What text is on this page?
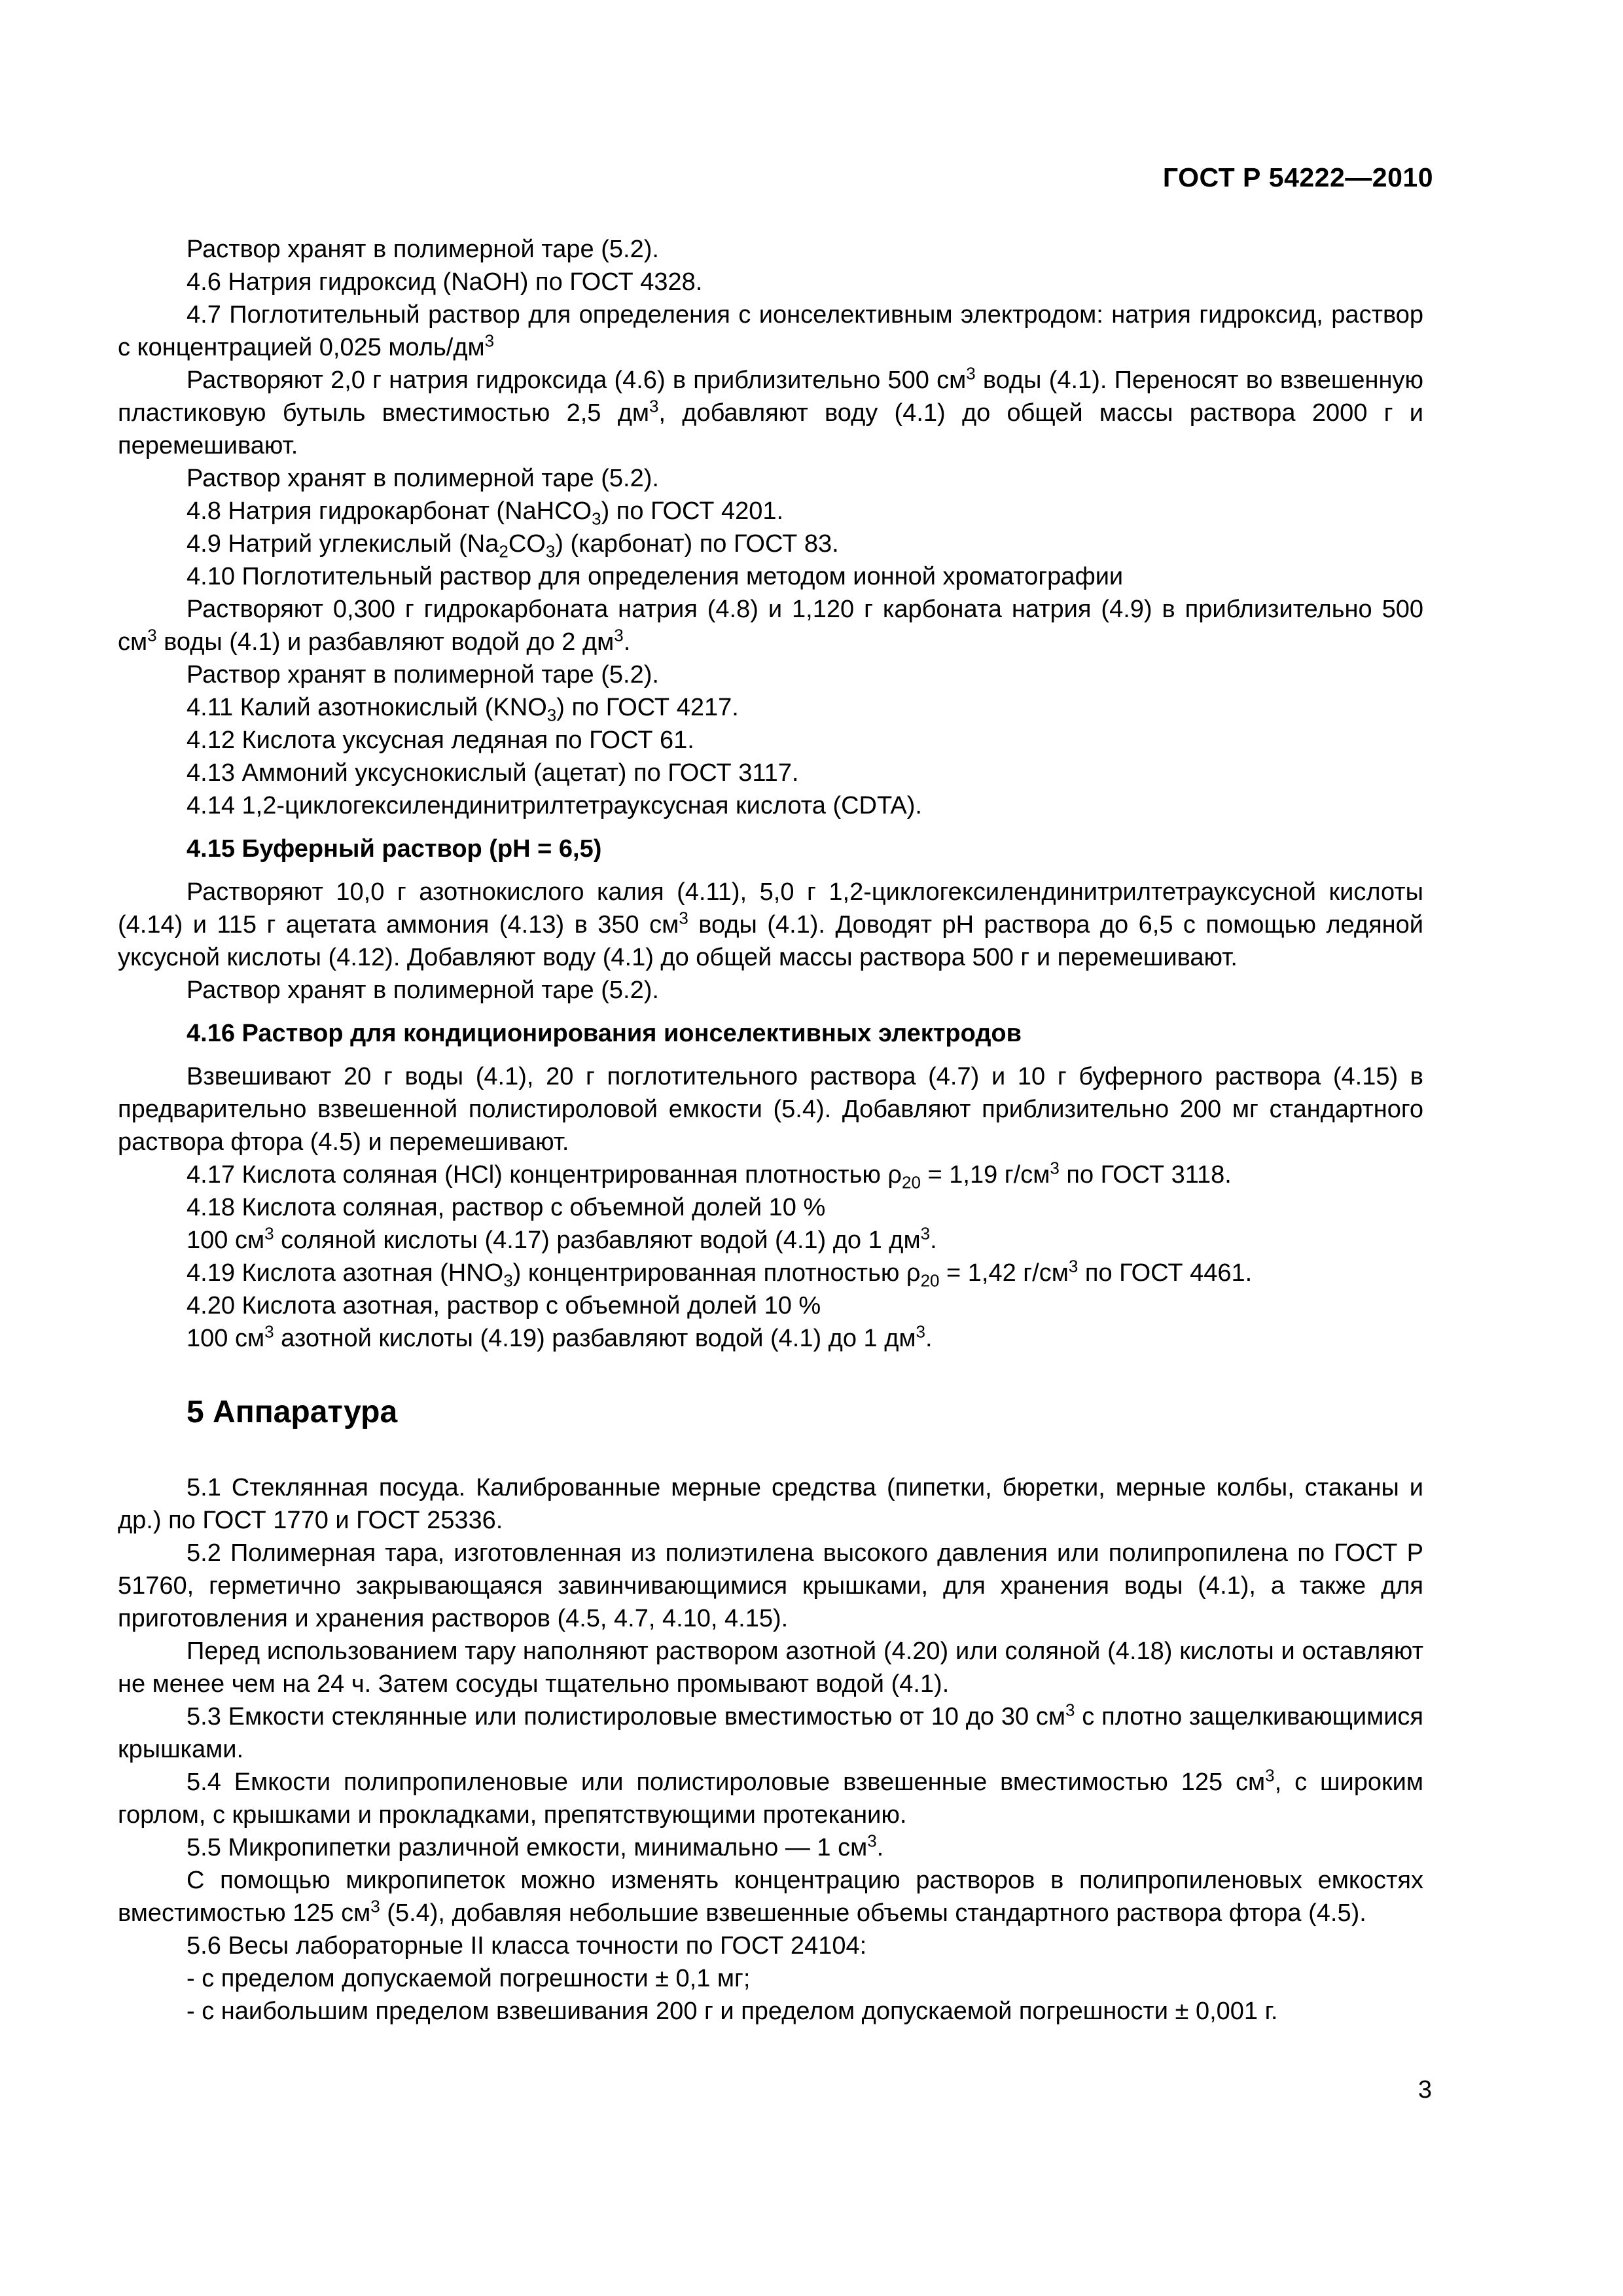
ГОСТ Р 54222—2010

Раствор хранят в полимерной таре (5.2).

4.6 Натрия гидроксид (NaOH) по ГОСТ 4328.

4.7 Поглотительный раствор для определения с ионселективным электродом: натрия гидроксид, раствор с концентрацией 0,025 моль/$дм^3$

Растворяют 2,0 г натрия гидроксида (4.6) в приблизительно 500 $см^3$ воды (4.1). Переносят во взвешенную пластиковую бутыль вместимостью 2,5 $дм^3$, добавляют воду (4.1) до общей массы раствора 2000 г и перемешивают.

Раствор хранят в полимерной таре (5.2).

4.8 Натрия гидрокарбонат (NaHCO$_3$) по ГОСТ 4201.

4.9 Натрий углекислый $(Na_2CO_3)$ (карбонат) по ГОСТ 83.

4.10 Поглотительный раствор для определения методом ионной хроматографии

Растворяют 0,300 г гидрокарбоната натрия (4.8) и 1,120 г карбоната натрия (4.9) в приблизительно 500 $см^3$ воды (4.1) и разбавляют водой до 2 $дм^3$.

Раствор хранят в полимерной таре (5.2).

4.11 Калий азотнокислый $(KNO_3)$ по ГОСТ 4217.

4.12 Кислота уксусная ледяная по ГОСТ 61.

4.13 Аммоний уксуснокислый (ацетат) по ГОСТ 3117.

4.14 1,2-циклогексилендинитрилтетрауксусная кислота (CDTA).

4.15 Буферный раствор (pH = 6,5)

Растворяют 10,0 г азотнокислого калия (4.11), 5,0 г 1,2-циклогексилендинитрилтетрауксусной кислоты (4.14) и 115 г ацетата аммония (4.13) в 350 $см^3$ воды (4.1). Доводят pH раствора до 6,5 с помощью ледяной уксусной кислоты (4.12). Добавляют воду (4.1) до общей массы раствора 500 г и перемешивают.

Раствор хранят в полимерной таре (5.2).

4.16 Раствор для кондиционирования ионселективных электродов

Взвешивают 20 г воды (4.1), 20 г поглотительного раствора (4.7) и 10 г буферного раствора (4.15) в предварительно взвешенной полистироловой емкости (5.4). Добавляют приблизительно 200 мг стандартного раствора фтора (4.5) и перемешивают.

4.17 Кислота соляная (HCl) концентрированная плотностью $\rho_{20} = 1,19$ $г/см^3$ по ГОСТ 3118.

4.18 Кислота соляная, раствор с объемной долей 10 %

100 $см^3$ соляной кислоты (4.17) разбавляют водой (4.1) до 1 $дм^3$.

4.19 Кислота азотная $(HNO_3)$ концентрированная плотностью $\rho_{20} = 1,42$ $г/см^3$ по ГОСТ 4461.

4.20 Кислота азотная, раствор с объемной долей 10 %

100 $см^3$ азотной кислоты (4.19) разбавляют водой (4.1) до 1 $дм^3$.

5 Аппаратура

5.1 Стеклянная посуда. Калиброванные мерные средства (пипетки, бюретки, мерные колбы, стаканы и др.) по ГОСТ 1770 и ГОСТ 25336.

5.2 Полимерная тара, изготовленная из полиэтилена высокого давления или полипропилена по ГОСТ Р 51760, герметично закрывающаяся завинчивающимися крышками, для хранения воды (4.1), а также для приготовления и хранения растворов (4.5, 4.7, 4.10, 4.15).

Перед использованием тару наполняют раствором азотной (4.20) или соляной (4.18) кислоты и оставляют не менее чем на 24 ч. Затем сосуды тщательно промывают водой (4.1).

5.3 Емкости стеклянные или полистироловые вместимостью от 10 до 30 $см^3$ с плотно защелкивающимися крышками.

5.4 Емкости полипропиленовые или полистироловые взвешенные вместимостью 125 $см^3$, с широким горлом, с крышками и прокладками, препятствующими протеканию.

5.5 Микропипетки различной емкости, минимально — 1 $см^3$.

С помощью микропипеток можно изменять концентрацию растворов в полипропиленовых емкостях вместимостью 125 $см^3$ (5.4), добавляя небольшие взвешенные объемы стандартного раствора фтора (4.5).

5.6 Весы лабораторные II класса точности по ГОСТ 24104:

- с пределом допускаемой погрешности ± 0,1 мг;

- с наибольшим пределом взвешивания 200 г и пределом допускаемой погрешности ± 0,001 г.

3
